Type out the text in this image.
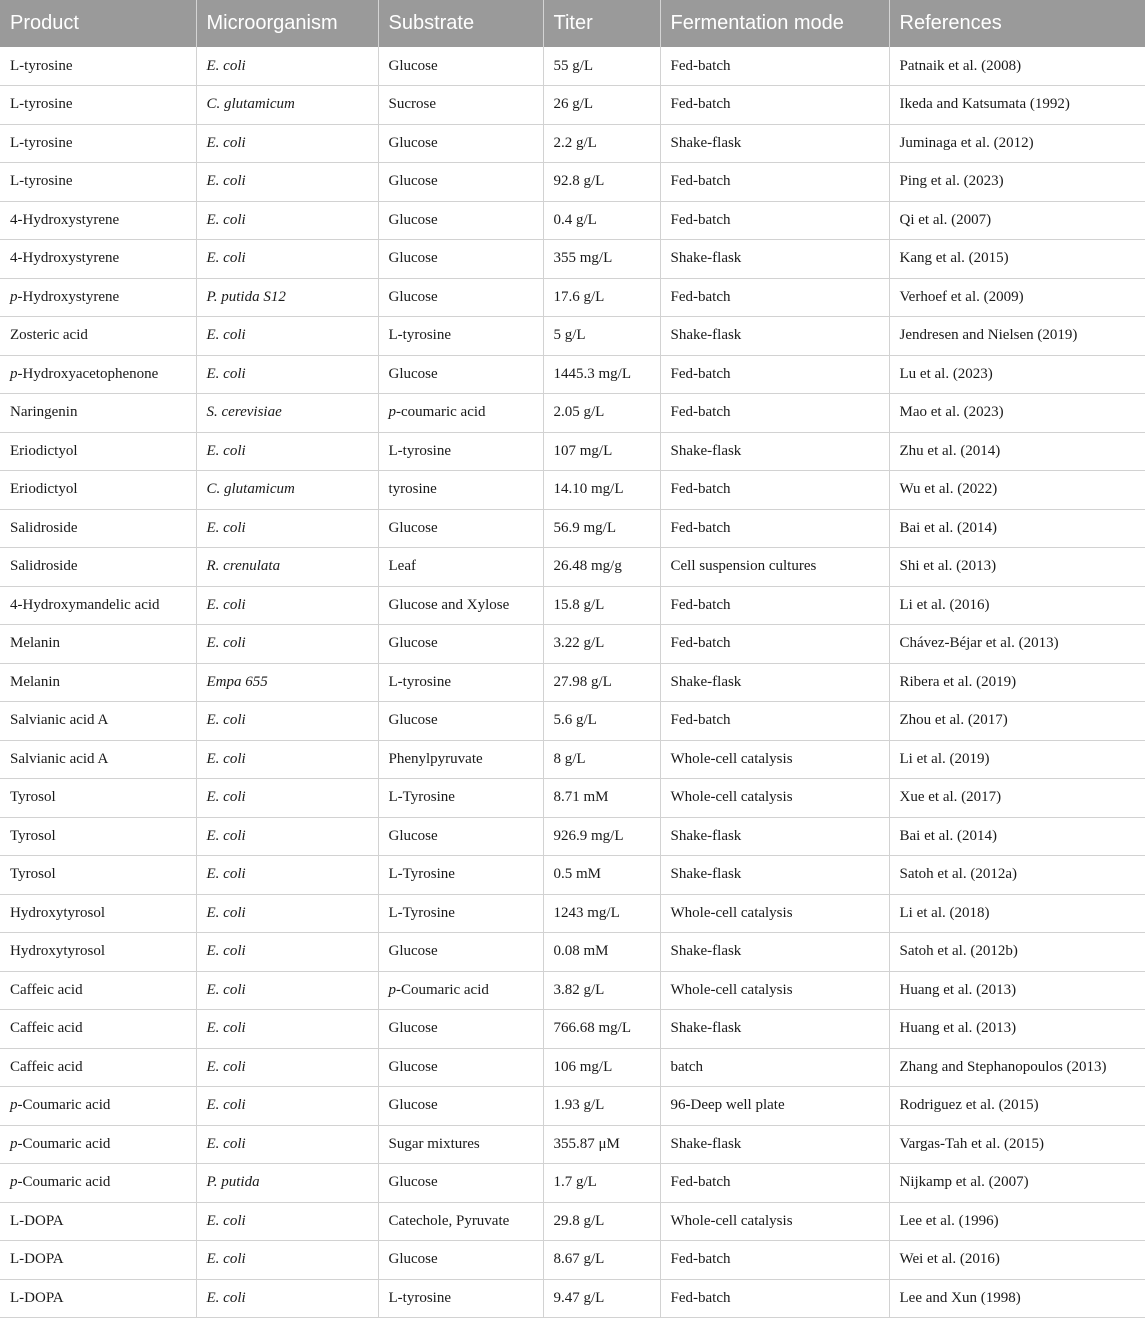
Product	Microorganism	Substrate	Titer	Fermentation mode	References
L-tyrosine	E. coli	Glucose	55 g/L	Fed-batch	Patnaik et al. (2008)
L-tyrosine	C. glutamicum	Sucrose	26 g/L	Fed-batch	Ikeda and Katsumata (1992)
L-tyrosine	E. coli	Glucose	2.2 g/L	Shake-flask	Juminaga et al. (2012)
L-tyrosine	E. coli	Glucose	92.8 g/L	Fed-batch	Ping et al. (2023)
4-Hydroxystyrene	E. coli	Glucose	0.4 g/L	Fed-batch	Qi et al. (2007)
4-Hydroxystyrene	E. coli	Glucose	355 mg/L	Shake-flask	Kang et al. (2015)
p-Hydroxystyrene	P. putida S12	Glucose	17.6 g/L	Fed-batch	Verhoef et al. (2009)
Zosteric acid	E. coli	L-tyrosine	5 g/L	Shake-flask	Jendresen and Nielsen (2019)
p-Hydroxyacetophenone	E. coli	Glucose	1445.3 mg/L	Fed-batch	Lu et al. (2023)
Naringenin	S. cerevisiae	p-coumaric acid	2.05 g/L	Fed-batch	Mao et al. (2023)
Eriodictyol	E. coli	L-tyrosine	107 mg/L	Shake-flask	Zhu et al. (2014)
Eriodictyol	C. glutamicum	tyrosine	14.10 mg/L	Fed-batch	Wu et al. (2022)
Salidroside	E. coli	Glucose	56.9 mg/L	Fed-batch	Bai et al. (2014)
Salidroside	R. crenulata	Leaf	26.48 mg/g	Cell suspension cultures	Shi et al. (2013)
4-Hydroxymandelic acid	E. coli	Glucose and Xylose	15.8 g/L	Fed-batch	Li et al. (2016)
Melanin	E. coli	Glucose	3.22 g/L	Fed-batch	Chávez-Béjar et al. (2013)
Melanin	Empa 655	L-tyrosine	27.98 g/L	Shake-flask	Ribera et al. (2019)
Salvianic acid A	E. coli	Glucose	5.6 g/L	Fed-batch	Zhou et al. (2017)
Salvianic acid A	E. coli	Phenylpyruvate	8 g/L	Whole-cell catalysis	Li et al. (2019)
Tyrosol	E. coli	L-Tyrosine	8.71 mM	Whole-cell catalysis	Xue et al. (2017)
Tyrosol	E. coli	Glucose	926.9 mg/L	Shake-flask	Bai et al. (2014)
Tyrosol	E. coli	L-Tyrosine	0.5 mM	Shake-flask	Satoh et al. (2012a)
Hydroxytyrosol	E. coli	L-Tyrosine	1243 mg/L	Whole-cell catalysis	Li et al. (2018)
Hydroxytyrosol	E. coli	Glucose	0.08 mM	Shake-flask	Satoh et al. (2012b)
Caffeic acid	E. coli	p-Coumaric acid	3.82 g/L	Whole-cell catalysis	Huang et al. (2013)
Caffeic acid	E. coli	Glucose	766.68 mg/L	Shake-flask	Huang et al. (2013)
Caffeic acid	E. coli	Glucose	106 mg/L	batch	Zhang and Stephanopoulos (2013)
p-Coumaric acid	E. coli	Glucose	1.93 g/L	96-Deep well plate	Rodriguez et al. (2015)
p-Coumaric acid	E. coli	Sugar mixtures	355.87 μM	Shake-flask	Vargas-Tah et al. (2015)
p-Coumaric acid	P. putida	Glucose	1.7 g/L	Fed-batch	Nijkamp et al. (2007)
L-DOPA	E. coli	Catechole, Pyruvate	29.8 g/L	Whole-cell catalysis	Lee et al. (1996)
L-DOPA	E. coli	Glucose	8.67 g/L	Fed-batch	Wei et al. (2016)
L-DOPA	E. coli	L-tyrosine	9.47 g/L	Fed-batch	Lee and Xun (1998)
